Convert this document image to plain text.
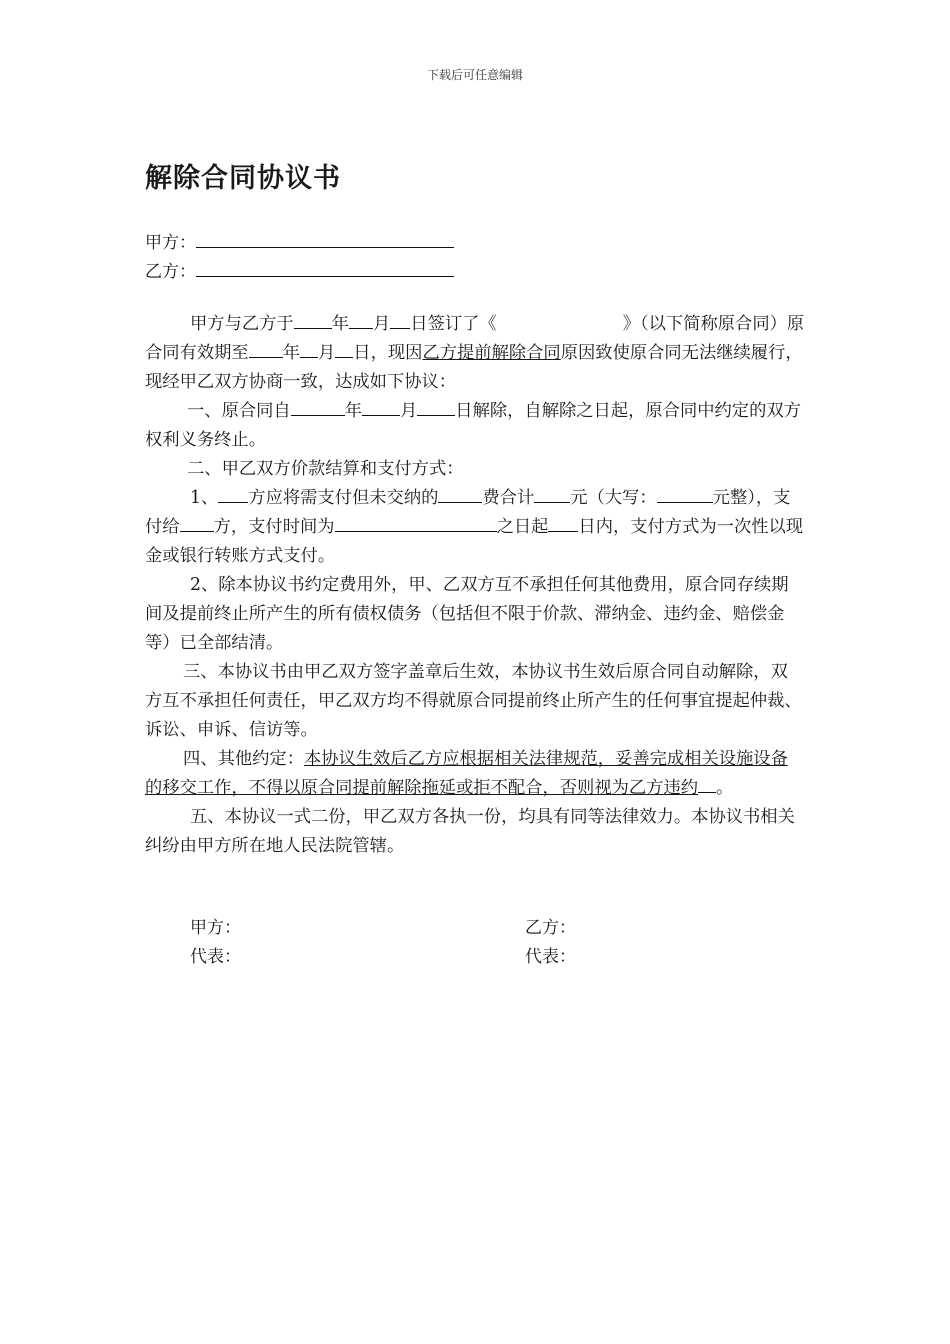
下载后可任意编辑
解除合同协议书
甲方：
乙方：

甲方与乙方于 年 月 日签订了《	》（以下简称原合同）原合同有效期至 年 月 日，现因乙方提前解除合同原因致使原合同无法继续履行，现经甲乙双方协商一致，达成如下协议：

一、原合同自	年 月 日解除，自解除之日起，原合同中约定的双方权利义务终止。

二、甲乙双方价款结算和支付方式：

1、 方应将需支付但未交纳的	费合计 元（大写：	元整），支付给 方，支付时间为	之日起 日内，支付方式为一次性以现金或银行转账方式支付。

2、除本协议书约定费用外，甲、乙双方互不承担任何其他费用，原合同存续期间及提前终止所产生的所有债权债务（包括但不限于价款、滞纳金、违约金、赔偿金等）已全部结清。

三、本协议书由甲乙双方签字盖章后生效，本协议书生效后原合同自动解除，双方互不承担任何责任，甲乙双方均不得就原合同提前终止所产生的任何事宜提起仲裁、诉讼、申诉、信访等。

四、其他约定：本协议生效后乙方应根据相关法律规范，妥善完成相关设施设备的移交工作，不得以原合同提前解除拖延或拒不配合，否则视为乙方违约 。

五、本协议一式二份，甲乙双方各执一份，均具有同等法律效力。本协议书相关纠纷由甲方所在地人民法院管辖。

甲方：	乙方：
代表：	代表：
